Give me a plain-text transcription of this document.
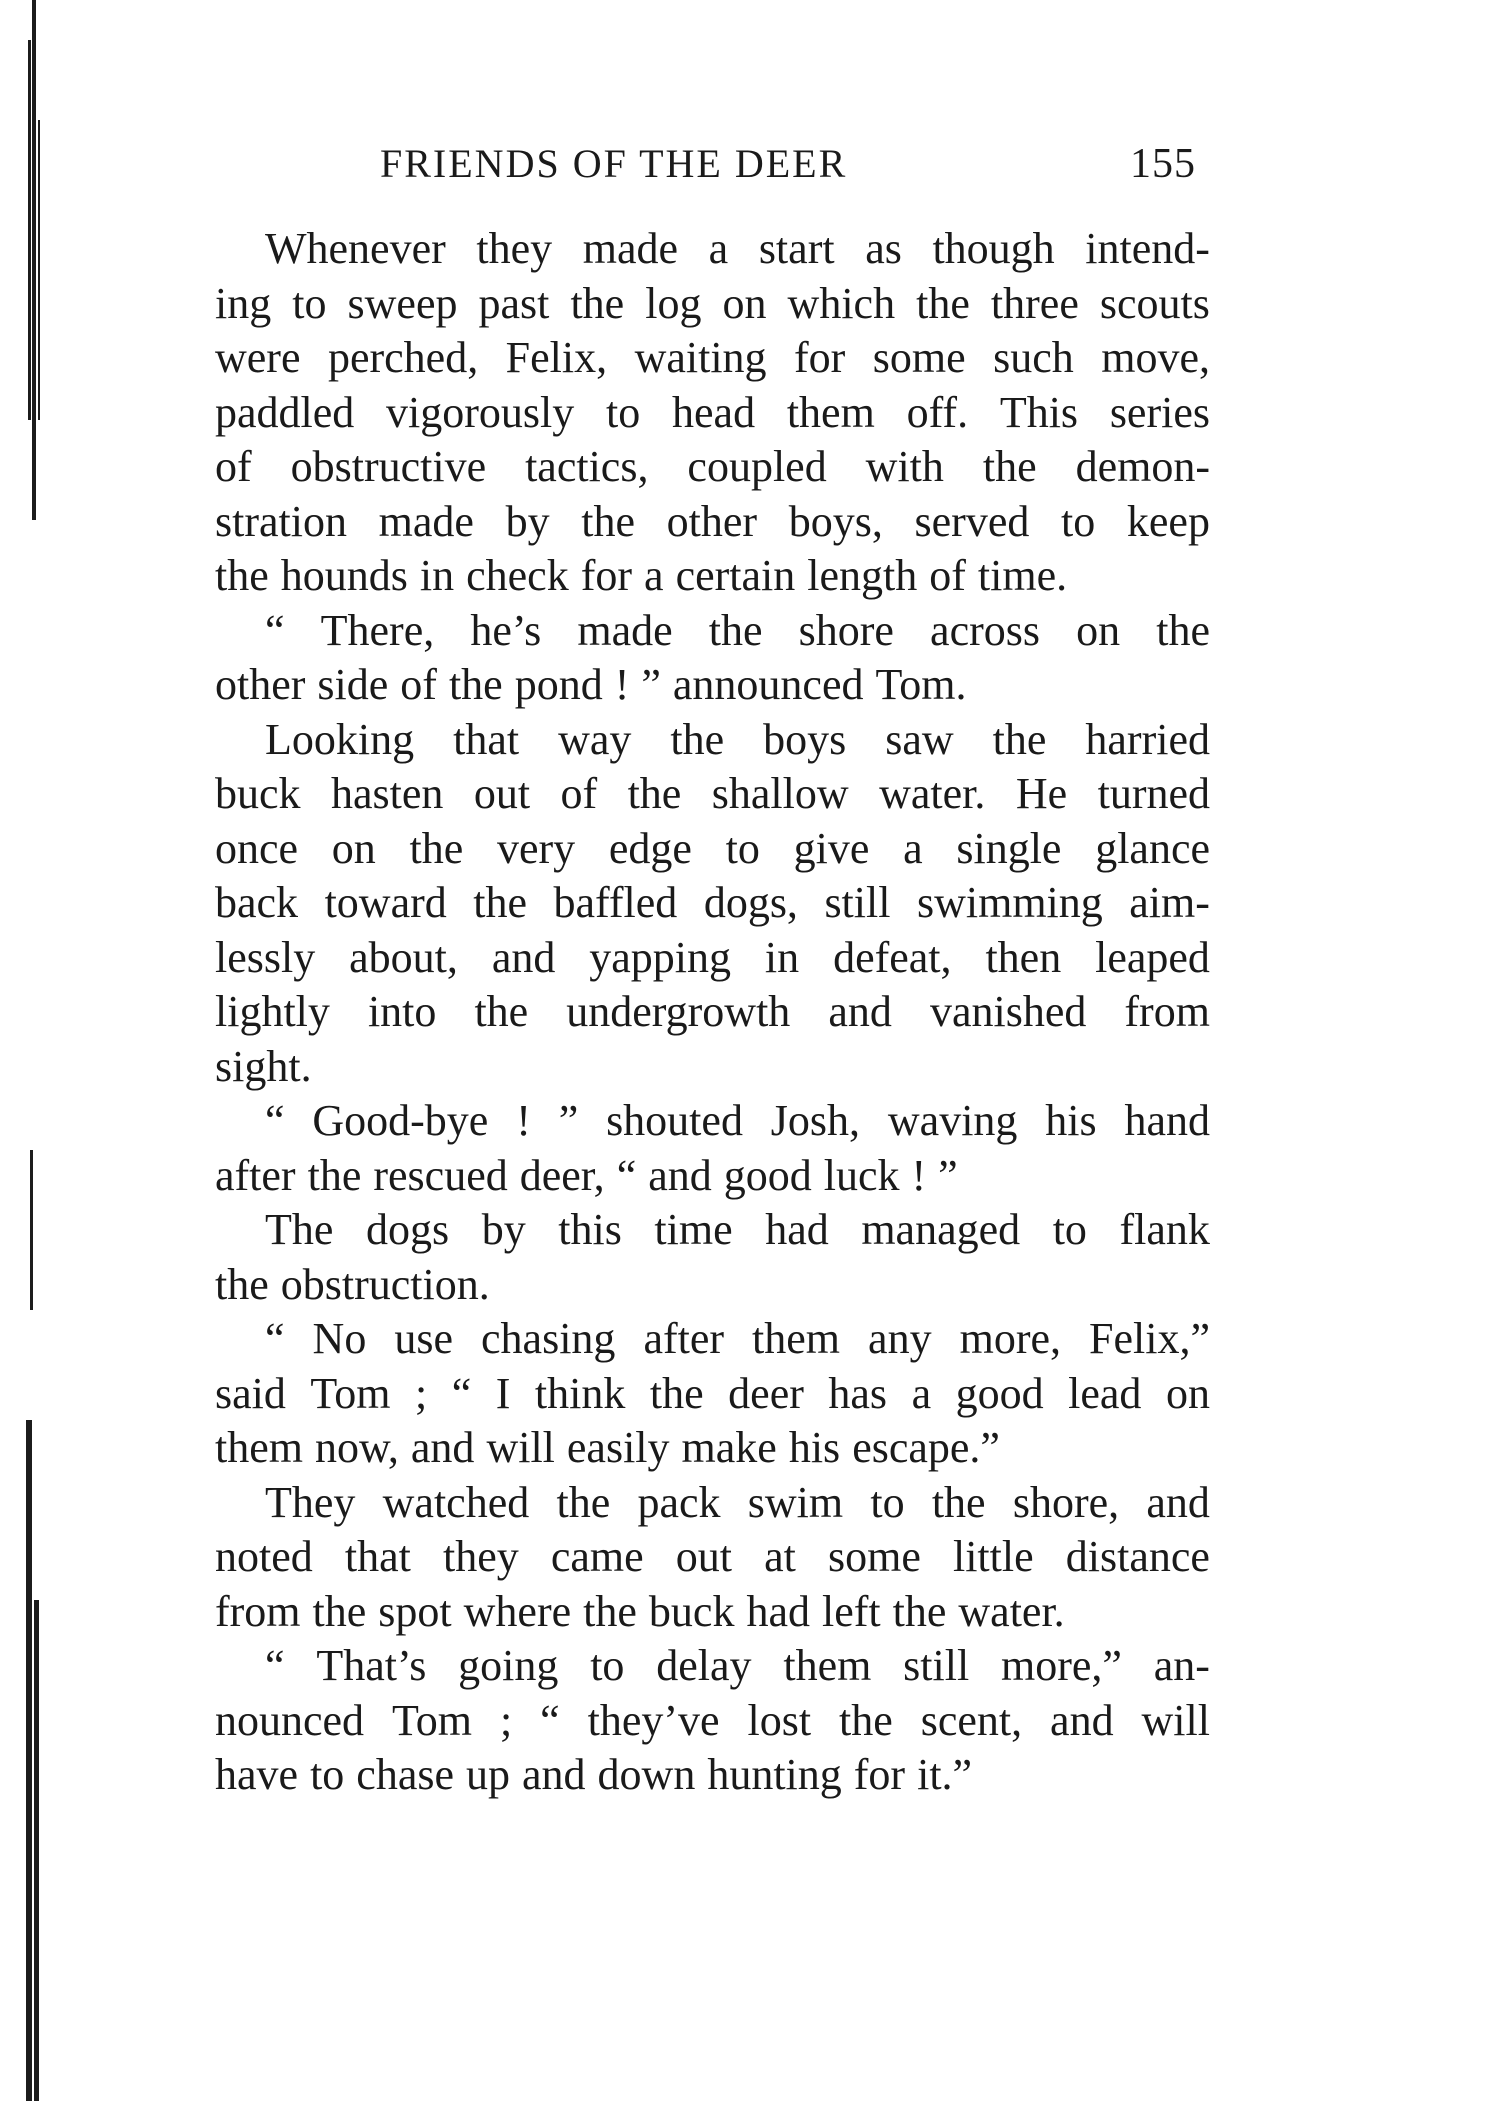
FRIENDS OF THE DEER	155
Whenever they made a start as though intend-
ing to sweep past the log on which the three scouts
were perched, Felix, waiting for some such move,
paddled vigorously to head them off. This series
of obstructive tactics, coupled with the demon-
stration made by the other boys, served to keep
the hounds in check for a certain length of time.
“ There, he’s made the shore across on the
other side of the pond ! ” announced Tom.
Looking that way the boys saw the harried
buck hasten out of the shallow water. He turned
once on the very edge to give a single glance
back toward the baffled dogs, still swimming aim-
lessly about, and yapping in defeat, then leaped
lightly into the undergrowth and vanished from
sight.
“ Good-bye ! ” shouted Josh, waving his hand
after the rescued deer, “ and good luck ! ”
The dogs by this time had managed to flank
the obstruction.
“ No use chasing after them any more, Felix,”
said Tom ; “ I think the deer has a good lead on
them now, and will easily make his escape.”
They watched the pack swim to the shore, and
noted that they came out at some little distance
from the spot where the buck had left the water.
“ That’s going to delay them still more,” an-
nounced Tom ; “ they’ve lost the scent, and will
have to chase up and down hunting for it.”
